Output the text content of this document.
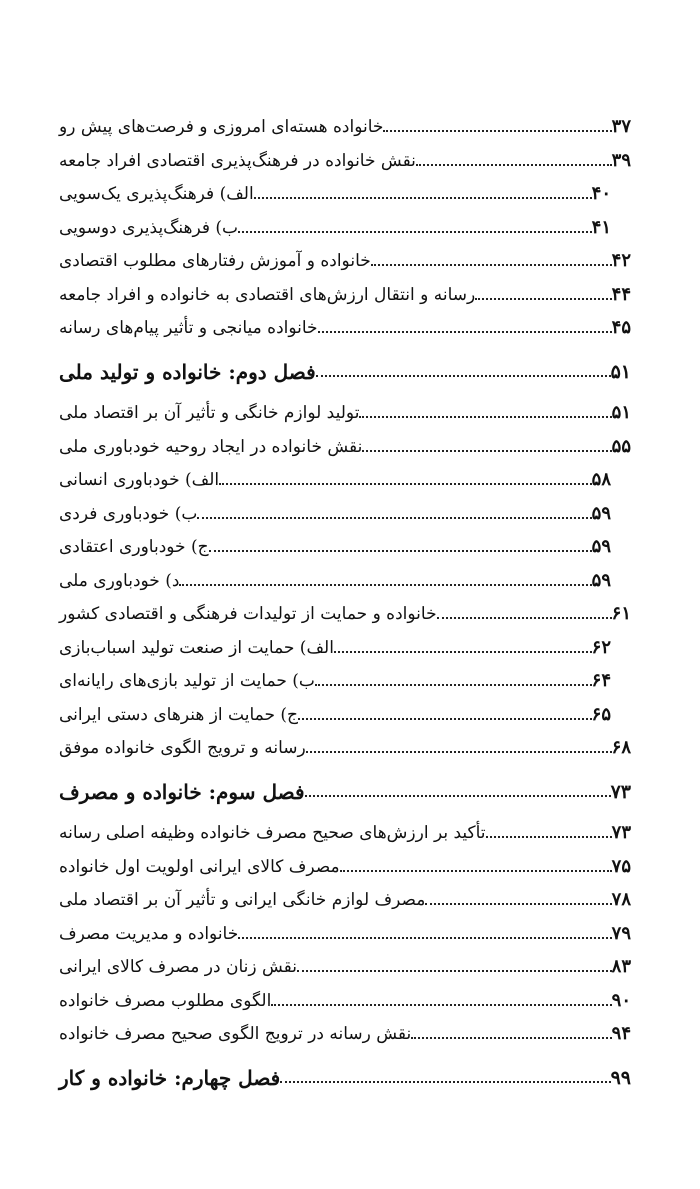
خانواده هسته‌ای امروزی و فرصت‌های پیش رو	۳۷
نقش خانواده در فرهنگ‌پذیری اقتصادی افراد جامعه	۳۹
الف) فرهنگ‌پذیری یک‌سویی	۴۰
ب) فرهنگ‌پذیری دوسویی	۴۱
خانواده و آموزش رفتارهای مطلوب اقتصادی	۴۲
رسانه و انتقال ارزش‌های اقتصادی به خانواده و افراد جامعه	۴۴
خانواده میانجی و تأثیر پیام‌های رسانه	۴۵
فصل دوم: خانواده و تولید ملی	۵۱
تولید لوازم خانگی و تأثیر آن بر اقتصاد ملی	۵۱
نقش خانواده در ایجاد روحیه خودباوری ملی	۵۵
الف) خودباوری انسانی	۵۸
ب) خودباوری فردی	۵۹
ج) خودباوری اعتقادی	۵۹
د) خودباوری ملی	۵۹
خانواده و حمایت از تولیدات فرهنگی و اقتصادی کشور	۶۱
الف) حمایت از صنعت تولید اسباب‌بازی	۶۲
ب) حمایت از تولید بازی‌های رایانه‌ای	۶۴
ج) حمایت از هنرهای دستی ایرانی	۶۵
رسانه و ترویج الگوی خانواده موفق	۶۸
فصل سوم: خانواده و مصرف	۷۳
تأکید بر ارزش‌های صحیح مصرف خانواده وظیفه اصلی رسانه	۷۳
مصرف کالای ایرانی اولویت اول خانواده	۷۵
مصرف لوازم خانگی ایرانی و تأثیر آن بر اقتصاد ملی	۷۸
خانواده و مدیریت مصرف	۷۹
نقش زنان در مصرف کالای ایرانی	۸۳
الگوی مطلوب مصرف خانواده	۹۰
نقش رسانه در ترویج الگوی صحیح مصرف خانواده	۹۴
فصل چهارم: خانواده و کار	۹۹
